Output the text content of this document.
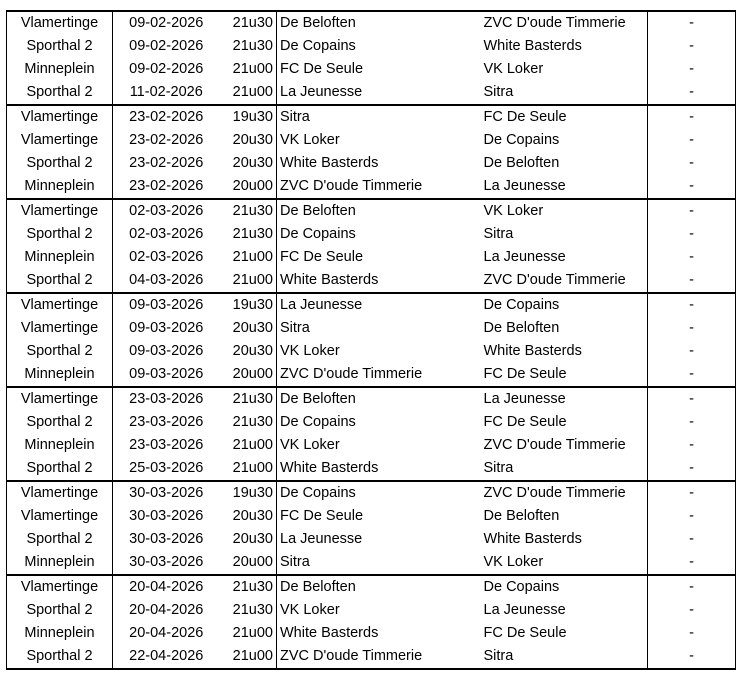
Vlamertinge	09-02-2026	21u30	De Beloften	ZVC D'oude Timmerie	-
Sporthal 2	09-02-2026	21u30	De Copains	White Basterds	-
Minneplein	09-02-2026	21u00	FC De Seule	VK Loker	-
Sporthal 2	11-02-2026	21u00	La Jeunesse	Sitra	-
Vlamertinge	23-02-2026	19u30	Sitra	FC De Seule	-
Vlamertinge	23-02-2026	20u30	VK Loker	De Copains	-
Sporthal 2	23-02-2026	20u30	White Basterds	De Beloften	-
Minneplein	23-02-2026	20u00	ZVC D'oude Timmerie	La Jeunesse	-
Vlamertinge	02-03-2026	21u30	De Beloften	VK Loker	-
Sporthal 2	02-03-2026	21u30	De Copains	Sitra	-
Minneplein	02-03-2026	21u00	FC De Seule	La Jeunesse	-
Sporthal 2	04-03-2026	21u00	White Basterds	ZVC D'oude Timmerie	-
Vlamertinge	09-03-2026	19u30	La Jeunesse	De Copains	-
Vlamertinge	09-03-2026	20u30	Sitra	De Beloften	-
Sporthal 2	09-03-2026	20u30	VK Loker	White Basterds	-
Minneplein	09-03-2026	20u00	ZVC D'oude Timmerie	FC De Seule	-
Vlamertinge	23-03-2026	21u30	De Beloften	La Jeunesse	-
Sporthal 2	23-03-2026	21u30	De Copains	FC De Seule	-
Minneplein	23-03-2026	21u00	VK Loker	ZVC D'oude Timmerie	-
Sporthal 2	25-03-2026	21u00	White Basterds	Sitra	-
Vlamertinge	30-03-2026	19u30	De Copains	ZVC D'oude Timmerie	-
Vlamertinge	30-03-2026	20u30	FC De Seule	De Beloften	-
Sporthal 2	30-03-2026	20u30	La Jeunesse	White Basterds	-
Minneplein	30-03-2026	20u00	Sitra	VK Loker	-
Vlamertinge	20-04-2026	21u30	De Beloften	De Copains	-
Sporthal 2	20-04-2026	21u30	VK Loker	La Jeunesse	-
Minneplein	20-04-2026	21u00	White Basterds	FC De Seule	-
Sporthal 2	22-04-2026	21u00	ZVC D'oude Timmerie	Sitra	-
